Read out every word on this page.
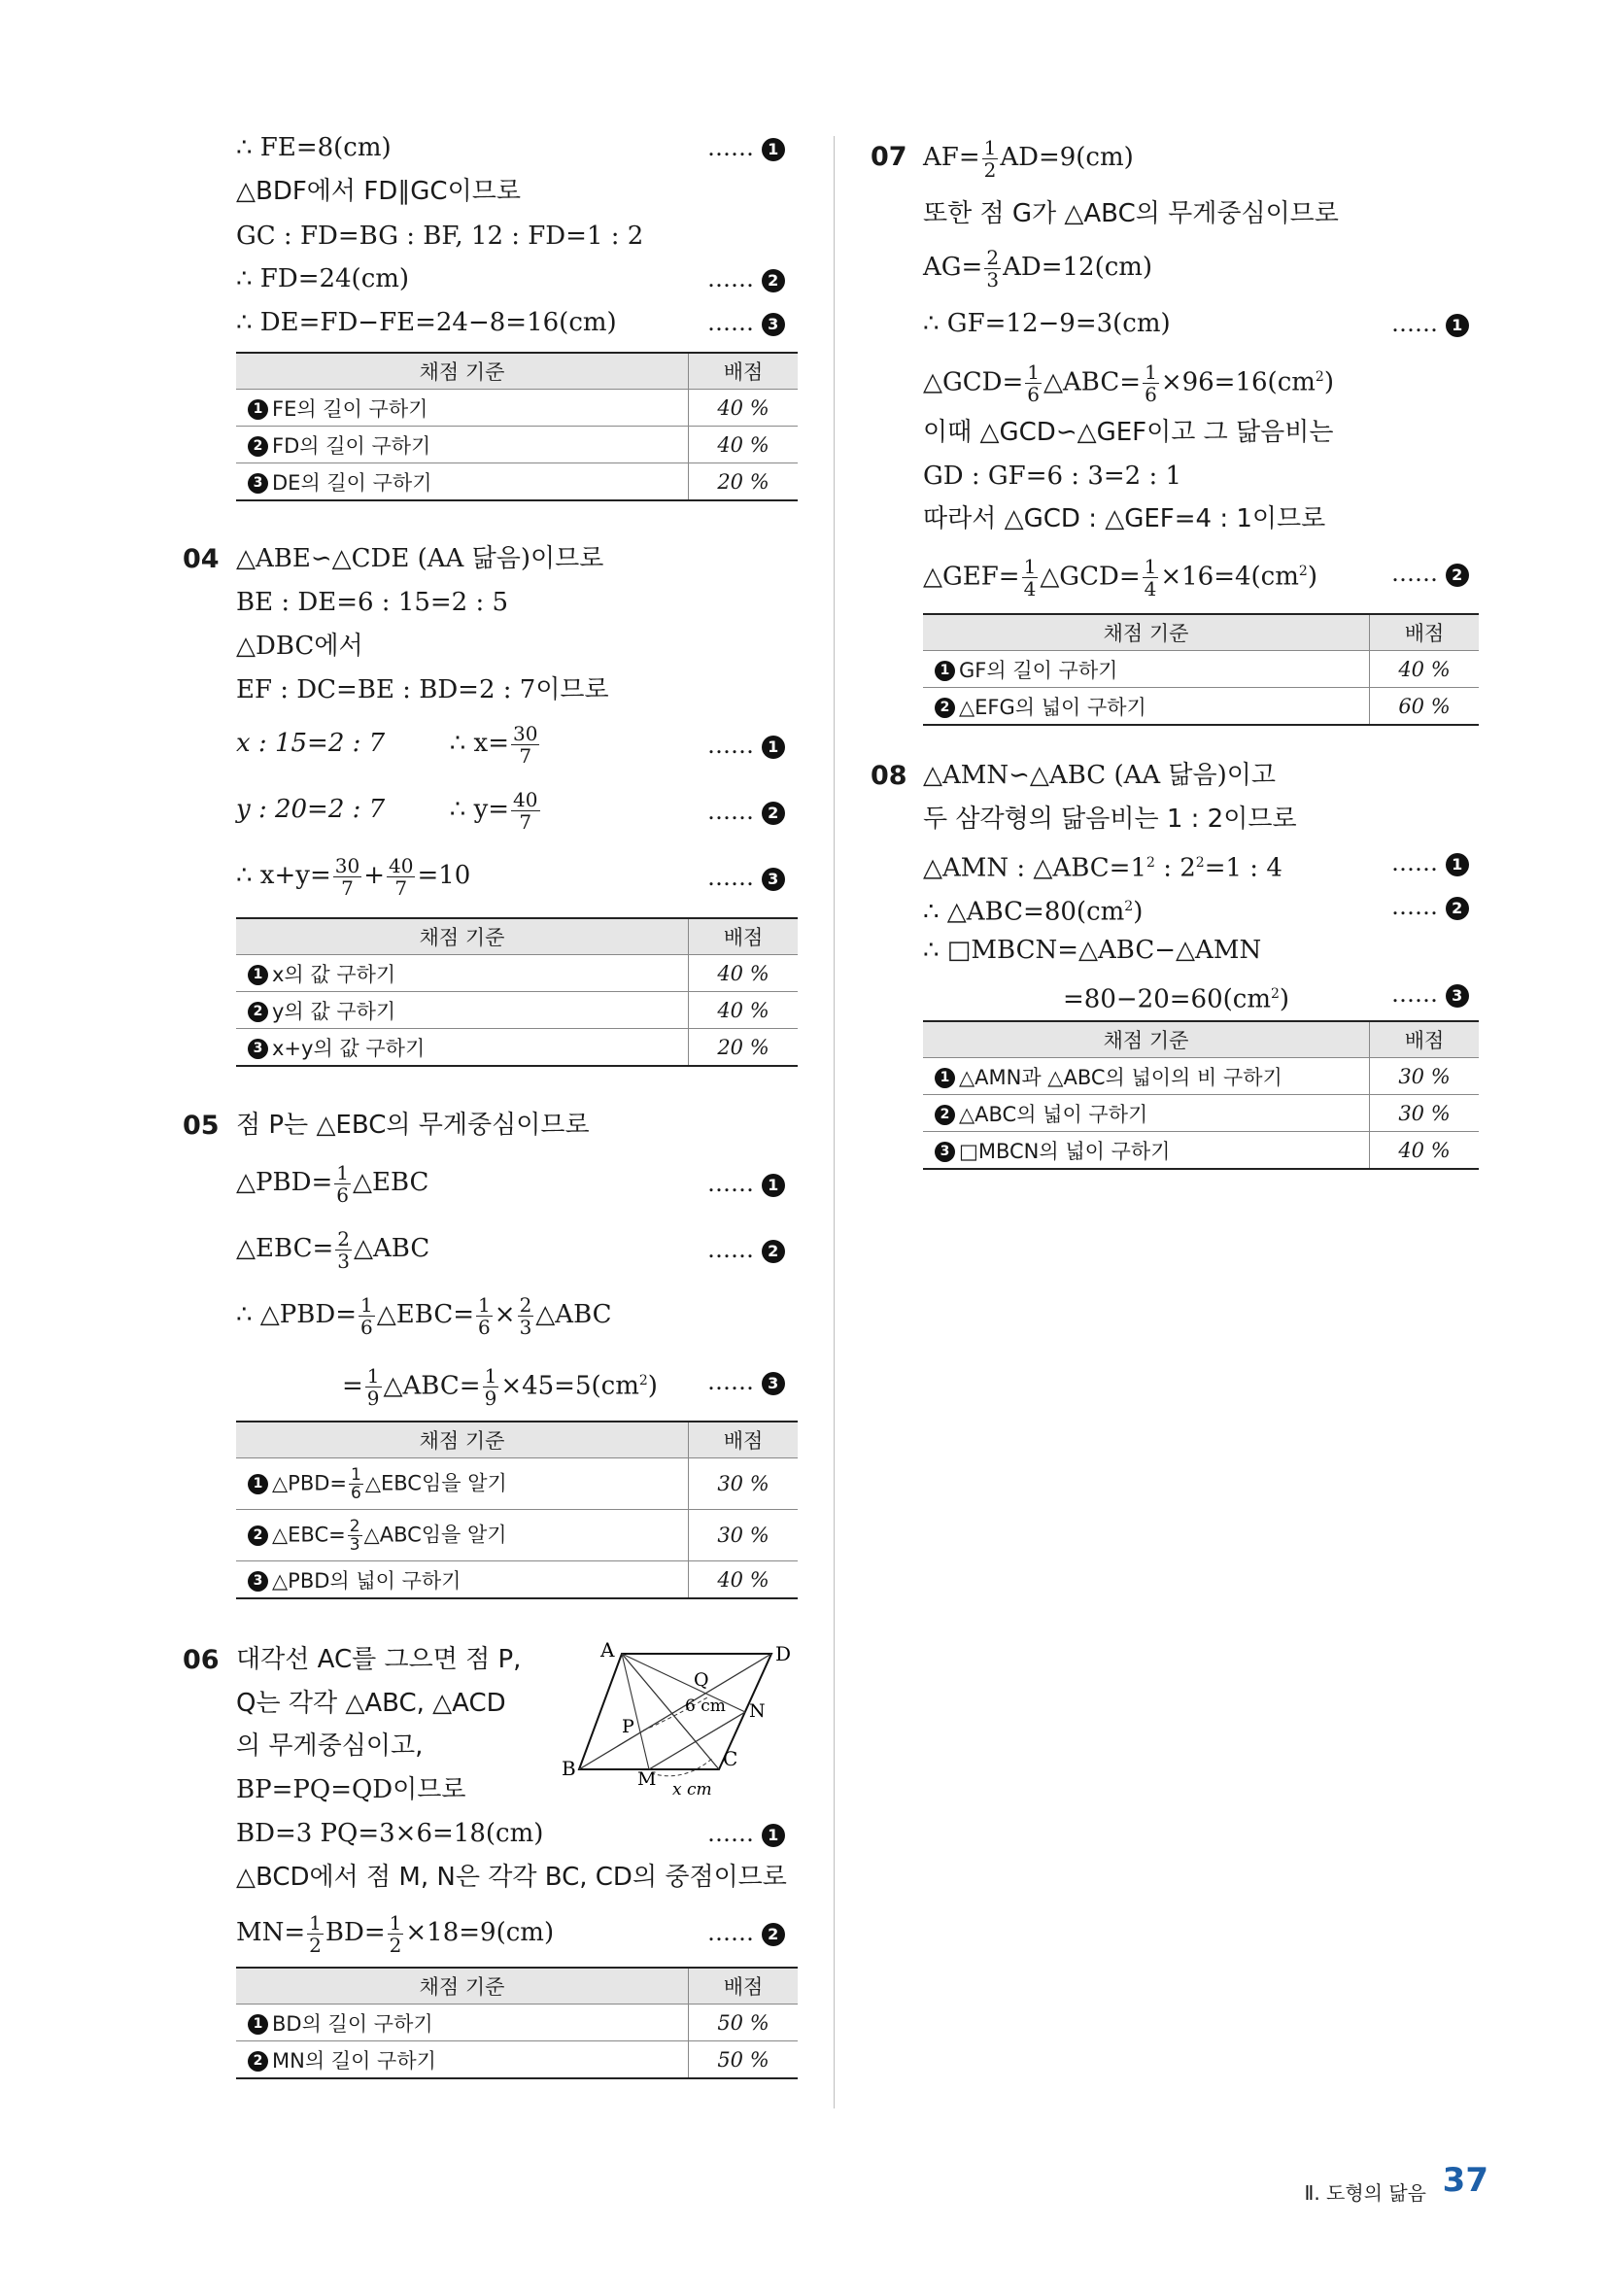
∴ FE=8(cm)	…… 1
△BDF에서 FD∥GC이므로
GC : FD=BG : BF, 12 : FD=1 : 2
∴ FD=24(cm)	…… 2
∴ DE=FD−FE=24−8=16(cm)	…… 3
채점 기준	배점
1 FE의 길이 구하기	40 %
2 FD의 길이 구하기	40 %
3 DE의 길이 구하기	20 %
04 △ABE∽△CDE (AA 닮음)이므로
BE : DE=6 : 15=2 : 5
△DBC에서
EF : DC=BE : BD=2 : 7이므로
x : 15=2 : 7	∴ $x= \frac{30}{7}$	…… 1
y : 20=2 : 7	∴ $y= \frac{40}{7}$	…… 2
∴ $x+y= \frac{30}{7} + \frac{40}{7} =10$	…… 3
채점 기준	배점
1 x의 값 구하기	40 %
2 y의 값 구하기	40 %
3 x+y의 값 구하기	20 %
05 점 P는 △EBC의 무게중심이므로
△PBD= $\frac{1}{6}$ △EBC	…… 1
△EBC= $\frac{2}{3}$ △ABC	…… 2
∴ △PBD= $\frac{1}{6}$ △EBC= $\frac{1}{6} \times \frac{2}{3}$ △ABC
= $\frac{1}{9}$ △ABC= $\frac{1}{9} \times 45=5(cm^2)$ …… 3
채점 기준	배점
1 △PBD= $\frac{1}{6}$ △EBC임을 알기	30 %
2 △EBC= $\frac{2}{3}$ △ABC임을 알기	30 %
3 △PBD의 넓이 구하기	40 %
06 대각선 AC를 그으면 점 P,
Q는 각각 △ABC, △ACD
의 무게중심이고,
BP=PQ=QD이므로
BD=3 PQ=3×6=18(cm)	…… 1
△BCD에서 점 M, N은 각각 BC, CD의 중점이므로
$MN= \frac{1}{2} BD= \frac{1}{2} \times 18=9(cm)$	…… 2
A	D
B	C
P
Q
M
N
6 cm
x cm
채점 기준	배점
1 BD의 길이 구하기	50 %
2 MN의 길이 구하기	50 %
07 $AF= \frac{1}{2} AD=9(cm)$
또한 점 G가 △ABC의 무게중심이므로
$AG= \frac{2}{3} AD=12(cm)$
∴ GF=12−9=3(cm)	…… 1
△GCD= $\frac{1}{6}$ △ABC= $\frac{1}{6} \times 96=16(cm^2)$
이때 △GCD∽△GEF이고 그 닮음비는
GD : GF=6 : 3=2 : 1
따라서 △GCD : △GEF=4 : 1이므로
△GEF= $\frac{1}{4}$ △GCD= $\frac{1}{4} \times 16=4(cm^2)$	…… 2
채점 기준	배점
1 GF의 길이 구하기	40 %
2 △EFG의 넓이 구하기	60 %
08 △AMN∽△ABC (AA 닮음)이고
두 삼각형의 닮음비는 1 : 2이므로
△AMN : $\triangle ABC=1^2$ : $2^2=1$ : 4	…… 1
∴ $\triangle ABC=80(cm^2)$	…… 2
∴ □MBCN=△ABC−△AMN
$=80-20=60(cm^2)$	…… 3
채점 기준	배점
1 △AMN과 △ABC의 넓이의 비 구하기	30 %
2 △ABC의 넓이 구하기	30 %
3 □MBCN의 넓이 구하기	40 %
Ⅱ. 도형의 닮음 37
